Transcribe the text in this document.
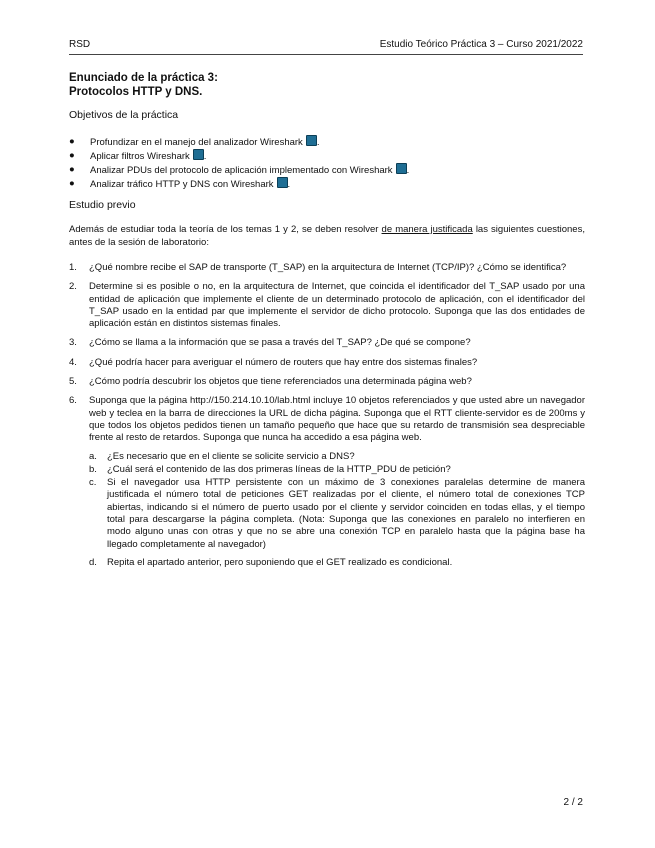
RSD	Estudio Teórico Práctica 3 – Curso 2021/2022
Enunciado de la práctica 3:
Protocolos HTTP y DNS.
Objetivos de la práctica
● Profundizar en el manejo del analizador Wireshark .
● Aplicar filtros Wireshark .
● Analizar PDUs del protocolo de aplicación implementado con Wireshark .
● Analizar tráfico HTTP y DNS con Wireshark .
Estudio previo
Además de estudiar toda la teoría de los temas 1 y 2, se deben resolver de manera justificada las siguientes cuestiones, antes de la sesión de laboratorio:
1. ¿Qué nombre recibe el SAP de transporte (T_SAP) en la arquitectura de Internet (TCP/IP)? ¿Cómo se identifica?
2. Determine si es posible o no, en la arquitectura de Internet, que coincida el identificador del T_SAP usado por una entidad de aplicación que implemente el cliente de un determinado protocolo de aplicación, con el identificador del T_SAP usado en la entidad par que implemente el servidor de dicho protocolo. Suponga que las dos entidades de aplicación están en distintos sistemas finales.
3. ¿Cómo se llama a la información que se pasa a través del T_SAP? ¿De qué se compone?
4. ¿Qué podría hacer para averiguar el número de routers que hay entre dos sistemas finales?
5. ¿Cómo podría descubrir los objetos que tiene referenciados una determinada página web?
6. Suponga que la página http://150.214.10.10/lab.html incluye 10 objetos referenciados y que usted abre un navegador web y teclea en la barra de direcciones la URL de dicha página. Suponga que el RTT cliente-servidor es de 200ms y que todos los objetos pedidos tienen un tamaño pequeño que hace que su retardo de transmisión sea despreciable frente al resto de retardos. Suponga que nunca ha accedido a esa página web.
a. ¿Es necesario que en el cliente se solicite servicio a DNS?
b. ¿Cuál será el contenido de las dos primeras líneas de la HTTP_PDU de petición?
c. Si el navegador usa HTTP persistente con un máximo de 3 conexiones paralelas determine de manera justificada el número total de peticiones GET realizadas por el cliente, el número total de conexiones TCP abiertas, indicando si el número de puerto usado por el cliente y servidor coinciden en todas ellas, y el tiempo total para descargarse la página completa. (Nota: Suponga que las conexiones en paralelo no interfieren en modo alguno unas con otras y que no se abre una conexión TCP en paralelo hasta que la página base ha llegado completamente al navegador)
d. Repita el apartado anterior, pero suponiendo que el GET realizado es condicional.
2 / 2
